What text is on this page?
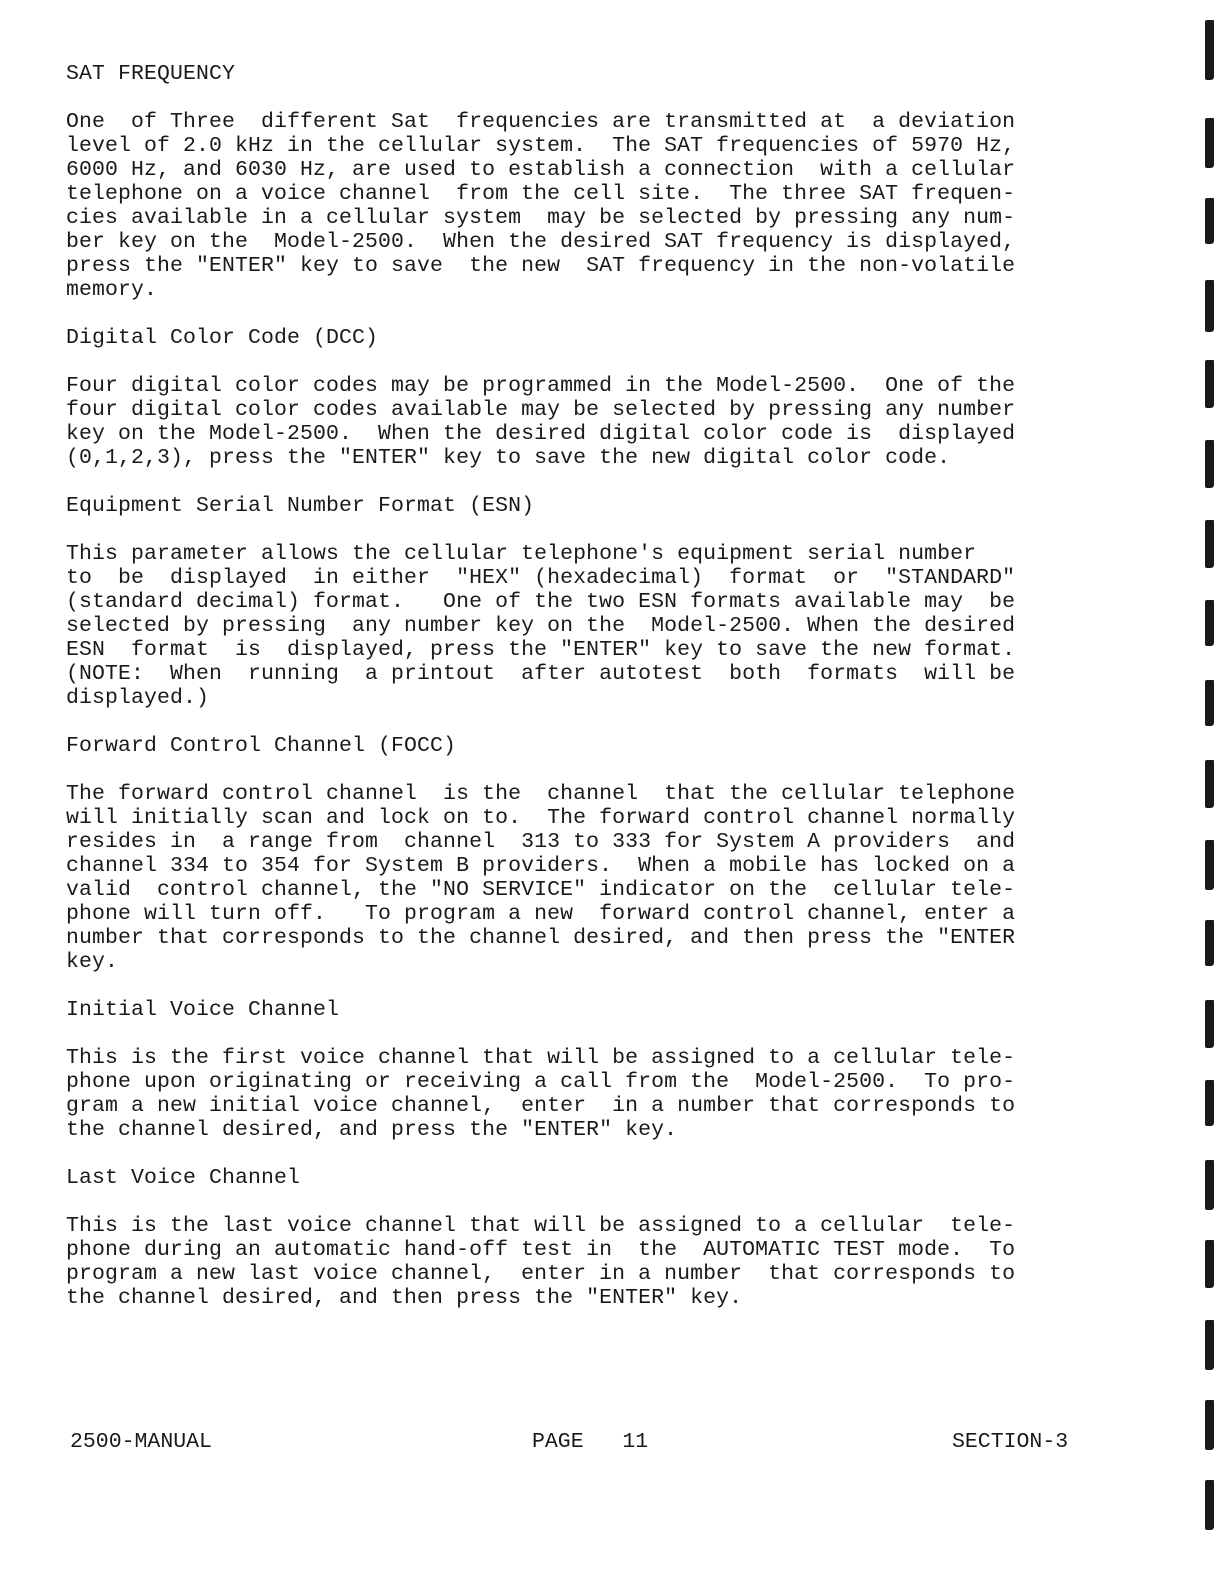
SAT FREQUENCY
One  of Three  different Sat  frequencies are transmitted at  a deviation
level of 2.0 kHz in the cellular system.  The SAT frequencies of 5970 Hz,
6000 Hz, and 6030 Hz, are used to establish a connection  with a cellular
telephone on a voice channel  from the cell site.  The three SAT frequen-
cies available in a cellular system  may be selected by pressing any num-
ber key on the  Model-2500.  When the desired SAT frequency is displayed,
press the "ENTER" key to save  the new  SAT frequency in the non-volatile
memory.
Digital Color Code (DCC)
Four digital color codes may be programmed in the Model-2500.  One of the
four digital color codes available may be selected by pressing any number
key on the Model-2500.  When the desired digital color code is  displayed
(0,1,2,3), press the "ENTER" key to save the new digital color code.
Equipment Serial Number Format (ESN)
This parameter allows the cellular telephone's equipment serial number
to  be  displayed  in either  "HEX" (hexadecimal)  format  or  "STANDARD"
(standard decimal) format.   One of the two ESN formats available may  be
selected by pressing  any number key on the  Model-2500. When the desired
ESN  format  is  displayed, press the "ENTER" key to save the new format.
(NOTE:  When  running  a printout  after autotest  both  formats  will be
displayed.)
Forward Control Channel (FOCC)
The forward control channel  is the  channel  that the cellular telephone
will initially scan and lock on to.  The forward control channel normally
resides in  a range from  channel  313 to 333 for System A providers  and
channel 334 to 354 for System B providers.  When a mobile has locked on a
valid  control channel, the "NO SERVICE" indicator on the  cellular tele-
phone will turn off.   To program a new  forward control channel, enter a
number that corresponds to the channel desired, and then press the "ENTER
key.
Initial Voice Channel
This is the first voice channel that will be assigned to a cellular tele-
phone upon originating or receiving a call from the  Model-2500.  To pro-
gram a new initial voice channel,  enter  in a number that corresponds to
the channel desired, and press the "ENTER" key.
Last Voice Channel
This is the last voice channel that will be assigned to a cellular  tele-
phone during an automatic hand-off test in  the  AUTOMATIC TEST mode.  To
program a new last voice channel,  enter in a number  that corresponds to
the channel desired, and then press the "ENTER" key.
2500-MANUAL	PAGE   11	SECTION-3
